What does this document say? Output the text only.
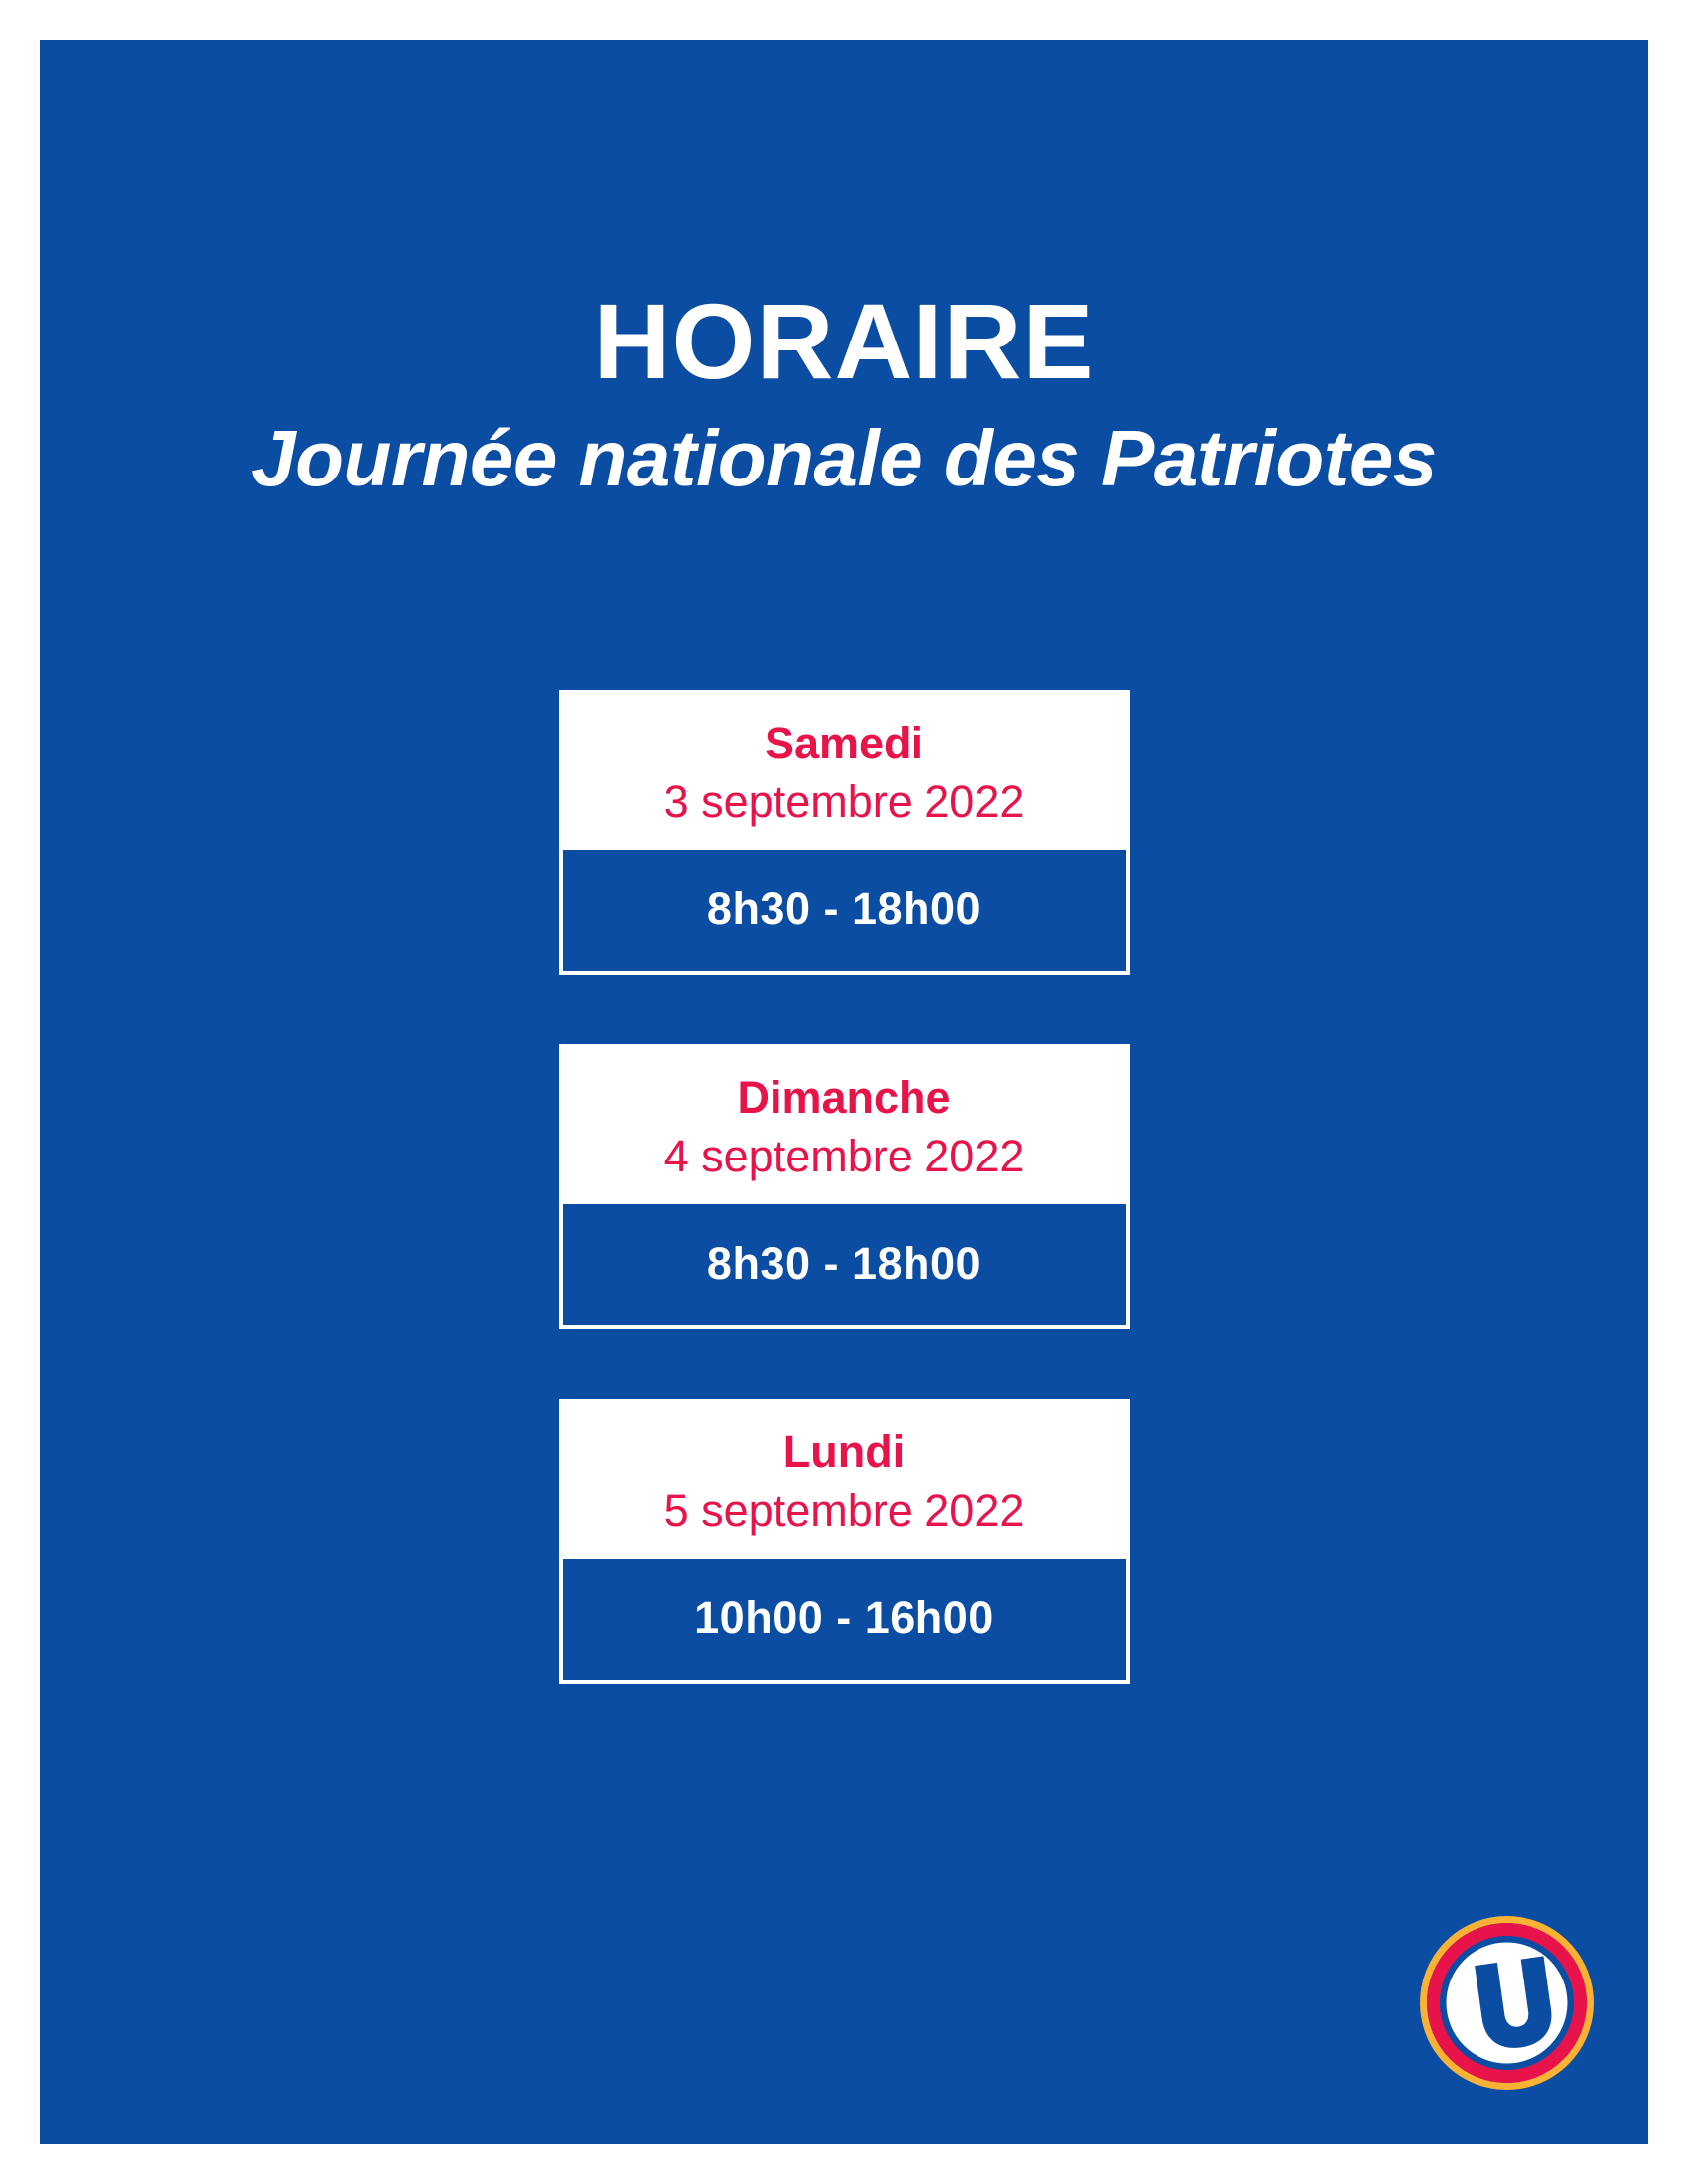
HORAIRE
Journée nationale des Patriotes
Samedi
3 septembre 2022
8h30 - 18h00
Dimanche
4 septembre 2022
8h30 - 18h00
Lundi
5 septembre 2022
10h00 - 16h00
